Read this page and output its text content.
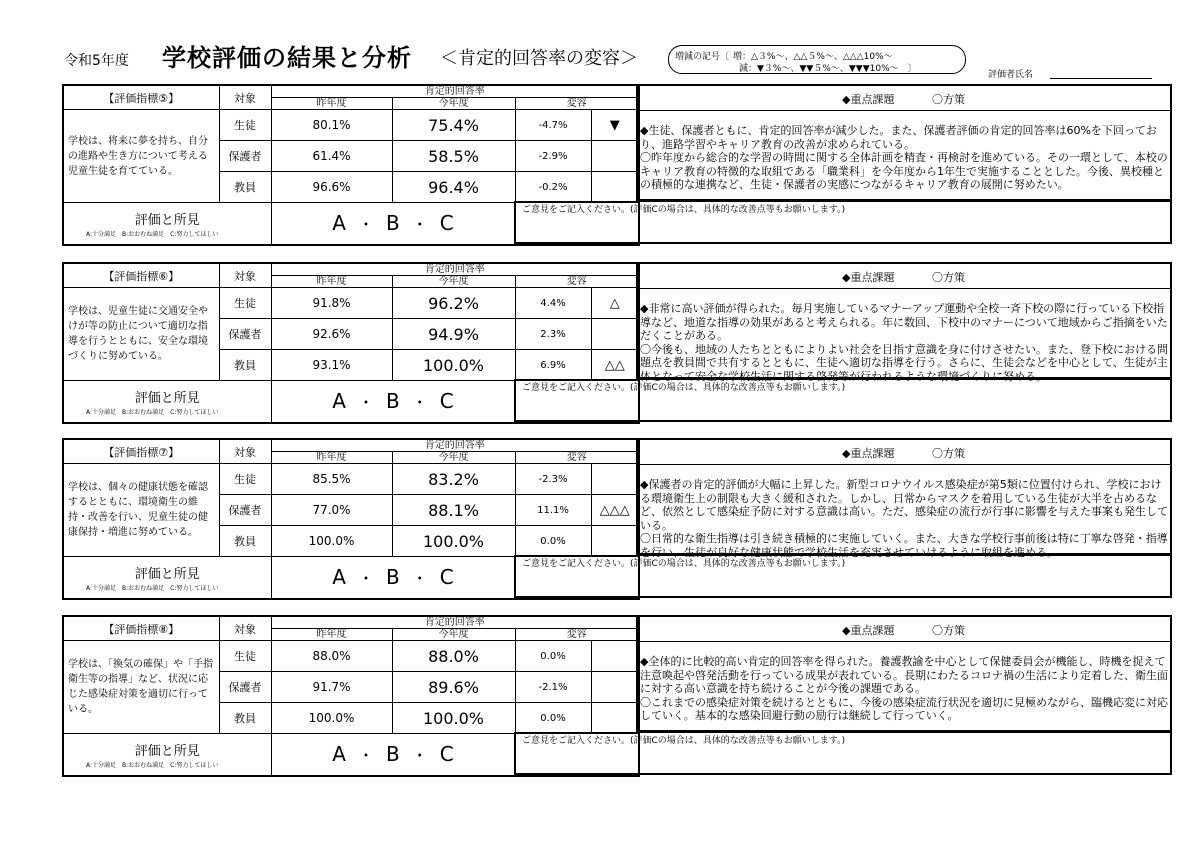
令和5年度 学校評価の結果と分析 ＜肯定的回答率の変容＞	増減の記号〔 増：△３%～、△△５%～、△△△10%～
減：▼３%～、▼▼５%～、▼▼▼10%～　〕
評価者氏名
【評価指標⑤】	対象	肯定的回答率			
		昨年度	今年度	変容	
学校は、将来に夢を持ち、自分の進路や生き方について考える児童生徒を育てている。	生徒	80.1%	75.4%	-4.7%	▼
	保護者	61.4%	58.5%	-2.9%	
	教員	96.6%	96.4%	-0.2%	

評価と所見
A:十分満足　B:おおむね満足　C:努力してほしい		A ・ B ・ C			
◆重点課題	〇方策
◆生徒、保護者ともに、肯定的回答率が減少した。また、保護者評価の肯定的回答率は60%を下回っており、進路学習やキャリア教育の改善が求められている。
〇昨年度から総合的な学習の時間に関する全体計画を精査・再検討を進めている。その一環として、本校のキャリア教育の特徴的な取組である「職業科」を今年度から1年生で実施することとした。今後、異校種との積極的な連携など、生徒・保護者の実感につながるキャリア教育の展開に努めたい。
ご意見をご記入ください。(評価Cの場合は、具体的な改善点等もお願いします。)
【評価指標⑥】	対象	肯定的回答率			
		昨年度	今年度	変容	
学校は、児童生徒に交通安全やけが等の防止について適切な指導を行うとともに、安全な環境づくりに努めている。	生徒	91.8%	96.2%	4.4%	△
	保護者	92.6%	94.9%	2.3%	
	教員	93.1%	100.0%	6.9%	△△

評価と所見
A:十分満足　B:おおむね満足　C:努力してほしい		A ・ B ・ C			
◆重点課題	〇方策
◆非常に高い評価が得られた。毎月実施しているマナーアップ運動や全校一斉下校の際に行っている下校指導など、地道な指導の効果があると考えられる。年に数回、下校中のマナーについて地域からご指摘をいただくことがある。
〇今後も、地域の人たちとともによりよい社会を目指す意識を身に付けさせたい。また、登下校における問題点を教員間で共有するとともに、生徒へ適切な指導を行う。さらに、生徒会などを中心として、生徒が主体となって安全な学校生活に関する啓発等が行われるような環境づくりに努める。
ご意見をご記入ください。(評価Cの場合は、具体的な改善点等もお願いします。)
【評価指標⑦】	対象	肯定的回答率			
		昨年度	今年度	変容	
学校は、個々の健康状態を確認するとともに、環境衛生の維持・改善を行い、児童生徒の健康保持・増進に努めている。	生徒	85.5%	83.2%	-2.3%	
	保護者	77.0%	88.1%	11.1%	△△△
	教員	100.0%	100.0%	0.0%	

評価と所見
A:十分満足　B:おおむね満足　C:努力してほしい		A ・ B ・ C			
◆重点課題	〇方策
◆保護者の肯定的評価が大幅に上昇した。新型コロナウイルス感染症が第5類に位置付けられ、学校における環境衛生上の制限も大きく緩和された。しかし、日常からマスクを着用している生徒が大半を占めるなど、依然として感染症予防に対する意識は高い。ただ、感染症の流行が行事に影響を与えた事案も発生している。
〇日常的な衛生指導は引き続き積極的に実施していく。また、大きな学校行事前後は特に丁寧な啓発・指導を行い、生徒が良好な健康状態で学校生活を充実させていけるように取組を進める。
ご意見をご記入ください。(評価Cの場合は、具体的な改善点等もお願いします。)
【評価指標⑧】	対象	肯定的回答率			
		昨年度	今年度	変容	
学校は、「換気の確保」や「手指衛生等の指導」など、状況に応じた感染症対策を適切に行っている。	生徒	88.0%	88.0%	0.0%	
	保護者	91.7%	89.6%	-2.1%	
	教員	100.0%	100.0%	0.0%	

評価と所見
A:十分満足　B:おおむね満足　C:努力してほしい		A ・ B ・ C			
◆重点課題	〇方策
◆全体的に比較的高い肯定的回答率を得られた。養護教諭を中心として保健委員会が機能し、時機を捉えて注意喚起や啓発活動を行っている成果が表れている。長期にわたるコロナ禍の生活により定着した、衛生面に対する高い意識を持ち続けることが今後の課題である。
〇これまでの感染症対策を続けるとともに、今後の感染症流行状況を適切に見極めながら、臨機応変に対応していく。基本的な感染回避行動の励行は継続して行っていく。
ご意見をご記入ください。(評価Cの場合は、具体的な改善点等もお願いします。)
